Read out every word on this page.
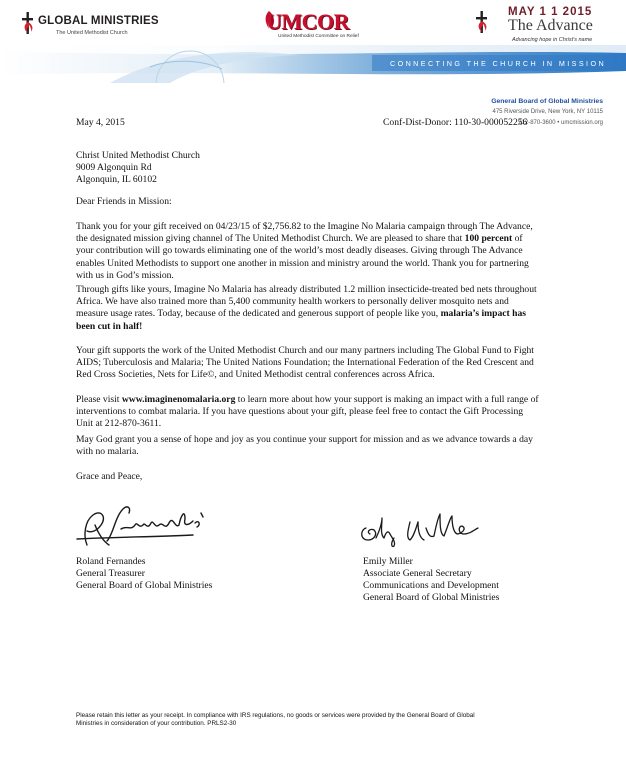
GLOBAL MINISTRIES
The United Methodist Church	UMCOR
United Methodist Committee on Relief
MAY 1 1 2015
The Advance
Advancing hope in Christ's name
CONNECTING THE CHURCH IN MISSION
General Board of Global Ministries
475 Riverside Drive, New York, NY 10115
212-870-3600 • umcmission.org
May 4, 2015	Conf-Dist-Donor: 110-30-000052256
Christ United Methodist Church
9009 Algonquin Rd
Algonquin, IL 60102
Dear Friends in Mission:
Thank you for your gift received on 04/23/15 of $2,756.82 to the Imagine No Malaria campaign through The Advance,
the designated mission giving channel of The United Methodist Church. We are pleased to share that 100 percent of
your contribution will go towards eliminating one of the world’s most deadly diseases. Giving through The Advance
enables United Methodists to support one another in mission and ministry around the world. Thank you for partnering
with us in God’s mission.
Through gifts like yours, Imagine No Malaria has already distributed 1.2 million insecticide-treated bed nets throughout
Africa. We have also trained more than 5,400 community health workers to personally deliver mosquito nets and
measure usage rates. Today, because of the dedicated and generous support of people like you, malaria’s impact has
been cut in half!
Your gift supports the work of the United Methodist Church and our many partners including The Global Fund to Fight
AIDS; Tuberculosis and Malaria; The United Nations Foundation; the International Federation of the Red Crescent and
Red Cross Societies, Nets for Life©, and United Methodist central conferences across Africa.
Please visit www.imaginenomalaria.org to learn more about how your support is making an impact with a full range of
interventions to combat malaria. If you have questions about your gift, please feel free to contact the Gift Processing
Unit at 212-870-3611.
May God grant you a sense of hope and joy as you continue your support for mission and as we advance towards a day
with no malaria.
Grace and Peace,
Roland Fernandes
General Treasurer
General Board of Global Ministries
Emily Miller
Associate General Secretary
Communications and Development
General Board of Global Ministries
Please retain this letter as your receipt. In compliance with IRS regulations, no goods or services were provided by the General Board of Global
Ministries in consideration of your contribution. PRLS2-30
